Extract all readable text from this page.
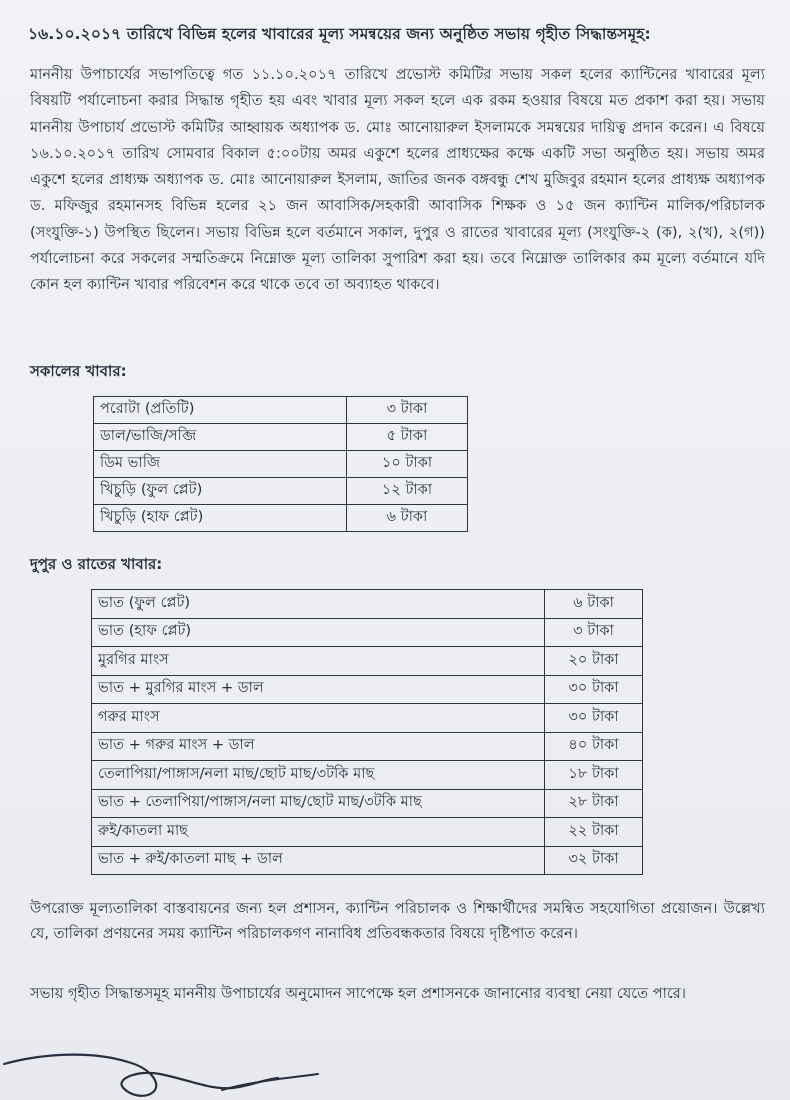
১৬.১০.২০১৭ তারিখে বিভিন্ন হলের খাবারের মূল্য সমন্বয়ের জন্য অনুষ্ঠিত সভায় গৃহীত সিদ্ধান্তসমূহ:
মাননীয় উপাচার্যের সভাপতিত্বে গত ১১.১০.২০১৭ তারিখে প্রভোস্ট কমিটির সভায় সকল হলের ক্যান্টিনের খাবারের মূল্য বিষয়টি পর্যালোচনা করার সিদ্ধান্ত গৃহীত হয় এবং খাবার মূল্য সকল হলে এক রকম হওয়ার বিষয়ে মত প্রকাশ করা হয়। সভায় মাননীয় উপাচার্য প্রভোস্ট কমিটির আহ্বায়ক অধ্যাপক ড. মোঃ আনোয়ারুল ইসলামকে সমন্বয়ের দায়িত্ব প্রদান করেন। এ বিষয়ে ১৬.১০.২০১৭ তারিখ সোমবার বিকাল ৫:০০টায় অমর একুশে হলের প্রাধ্যক্ষের কক্ষে একটি সভা অনুষ্ঠিত হয়। সভায় অমর একুশে হলের প্রাধ্যক্ষ অধ্যাপক ড. মোঃ আনোয়ারুল ইসলাম, জাতির জনক বঙ্গবন্ধু শেখ মুজিবুর রহমান হলের প্রাধ্যক্ষ অধ্যাপক ড. মফিজুর রহমানসহ বিভিন্ন হলের ২১ জন আবাসিক/সহকারী আবাসিক শিক্ষক ও ১৫ জন ক্যান্টিন মালিক/পরিচালক (সংযুক্তি-১) উপস্থিত ছিলেন। সভায় বিভিন্ন হলে বর্তমানে সকাল, দুপুর ও রাতের খাবারের মূল্য (সংযুক্তি-২ (ক), ২(খ), ২(গ)) পর্যালোচনা করে সকলের সম্মতিক্রমে নিম্নোক্ত মূল্য তালিকা সুপারিশ করা হয়। তবে নিম্নোক্ত তালিকার কম মূল্যে বর্তমানে যদি কোন হল ক্যান্টিন খাবার পরিবেশন করে থাকে তবে তা অব্যাহত থাকবে।
সকালের খাবার:
পরোটা (প্রতিটি)	৩ টাকা
ডাল/ভাজি/সব্জি	৫ টাকা
ডিম ভাজি	১০ টাকা
খিচুড়ি (ফুল প্লেট)	১২ টাকা
খিচুড়ি (হাফ প্লেট)	৬ টাকা
দুপুর ও রাতের খাবার:
ভাত (ফুল প্লেট)	৬ টাকা
ভাত (হাফ প্লেট)	৩ টাকা
মুরগির মাংস	২০ টাকা
ভাত + মুরগির মাংস + ডাল	৩০ টাকা
গরুর মাংস	৩০ টাকা
ভাত + গরুর মাংস + ডাল	৪০ টাকা
তেলাপিয়া/পাঙ্গাস/নলা মাছ/ছোট মাছ/৩টকি মাছ	১৮ টাকা
ভাত + তেলাপিয়া/পাঙ্গাস/নলা মাছ/ছোট মাছ/৩টকি মাছ	২৮ টাকা
রুই/কাতলা মাছ	২২ টাকা
ভাত + রুই/কাতলা মাছ + ডাল	৩২ টাকা
উপরোক্ত মূল্যতালিকা বাস্তবায়নের জন্য হল প্রশাসন, ক্যান্টিন পরিচালক ও শিক্ষার্থীদের সমন্বিত সহযোগিতা প্রয়োজন। উল্লেখ্য যে, তালিকা প্রণয়নের সময় ক্যান্টিন পরিচালকগণ নানাবিধ প্রতিবন্ধকতার বিষয়ে দৃষ্টিপাত করেন।
সভায় গৃহীত সিদ্ধান্তসমূহ মাননীয় উপাচার্যের অনুমোদন সাপেক্ষে হল প্রশাসনকে জানানোর ব্যবস্থা নেয়া যেতে পারে।
